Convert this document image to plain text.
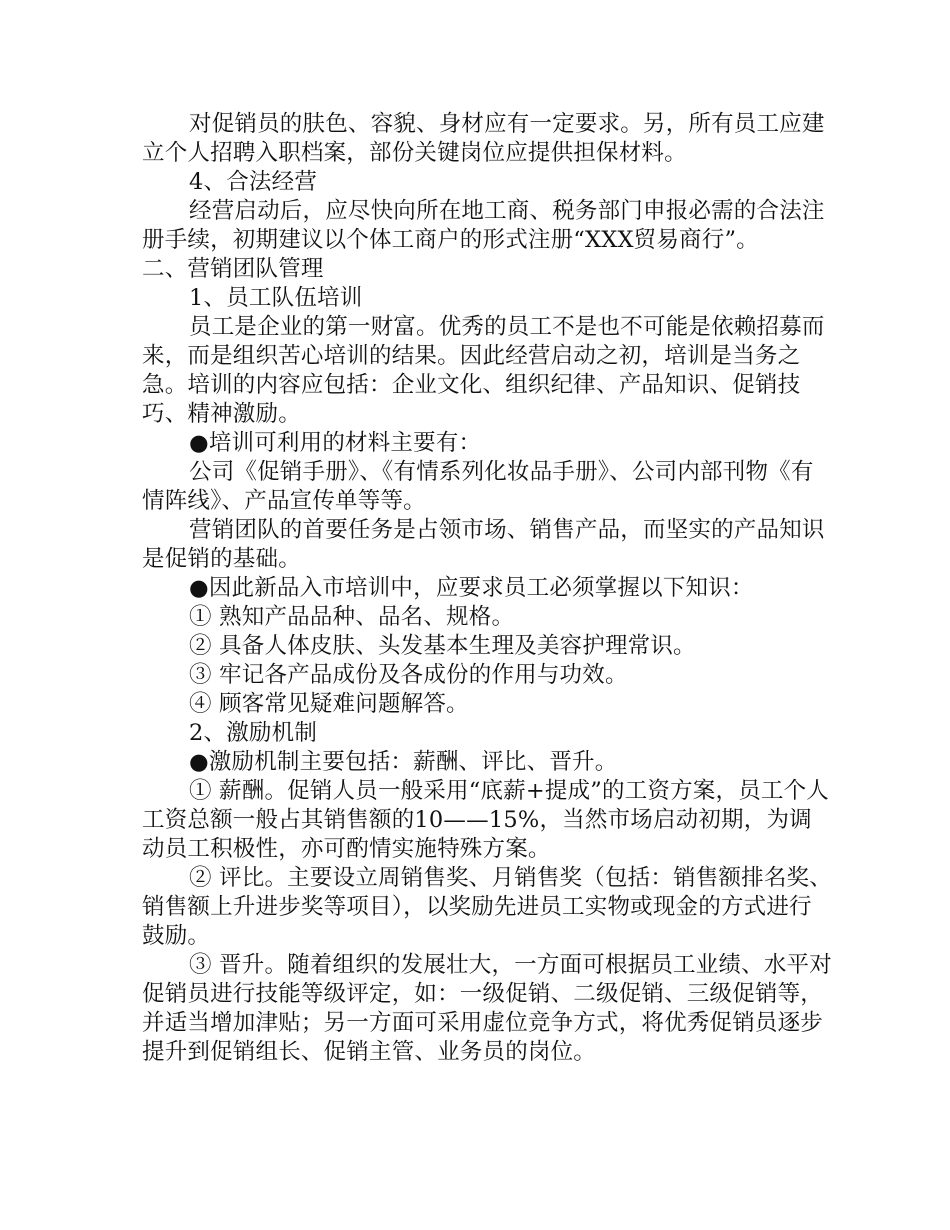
对促销员的肤色、容貌、身材应有一定要求。另，所有员工应建立个人招聘入职档案，部份关键岗位应提供担保材料。

4、合法经营

经营启动后，应尽快向所在地工商、税务部门申报必需的合法注册手续，初期建议以个体工商户的形式注册“XXX贸易商行”。

二、营销团队管理

1、员工队伍培训

员工是企业的第一财富。优秀的员工不是也不可能是依赖招募而来，而是组织苦心培训的结果。因此经营启动之初，培训是当务之急。培训的内容应包括：企业文化、组织纪律、产品知识、促销技巧、精神激励。

●培训可利用的材料主要有：

公司《促销手册》、《有情系列化妆品手册》、公司内部刊物《有情阵线》、产品宣传单等等。

营销团队的首要任务是占领市场、销售产品，而坚实的产品知识是促销的基础。

●因此新品入市培训中，应要求员工必须掌握以下知识：

① 熟知产品品种、品名、规格。

② 具备人体皮肤、头发基本生理及美容护理常识。

③ 牢记各产品成份及各成份的作用与功效。

④ 顾客常见疑难问题解答。

2、激励机制

●激励机制主要包括：薪酬、评比、晋升。

① 薪酬。促销人员一般采用“底薪+提成”的工资方案，员工个人工资总额一般占其销售额的10——15%，当然市场启动初期，为调动员工积极性，亦可酌情实施特殊方案。

② 评比。主要设立周销售奖、月销售奖（包括：销售额排名奖、销售额上升进步奖等项目），以奖励先进员工实物或现金的方式进行鼓励。

③ 晋升。随着组织的发展壮大，一方面可根据员工业绩、水平对促销员进行技能等级评定，如：一级促销、二级促销、三级促销等，并适当增加津贴；另一方面可采用虚位竞争方式，将优秀促销员逐步提升到促销组长、促销主管、业务员的岗位。
